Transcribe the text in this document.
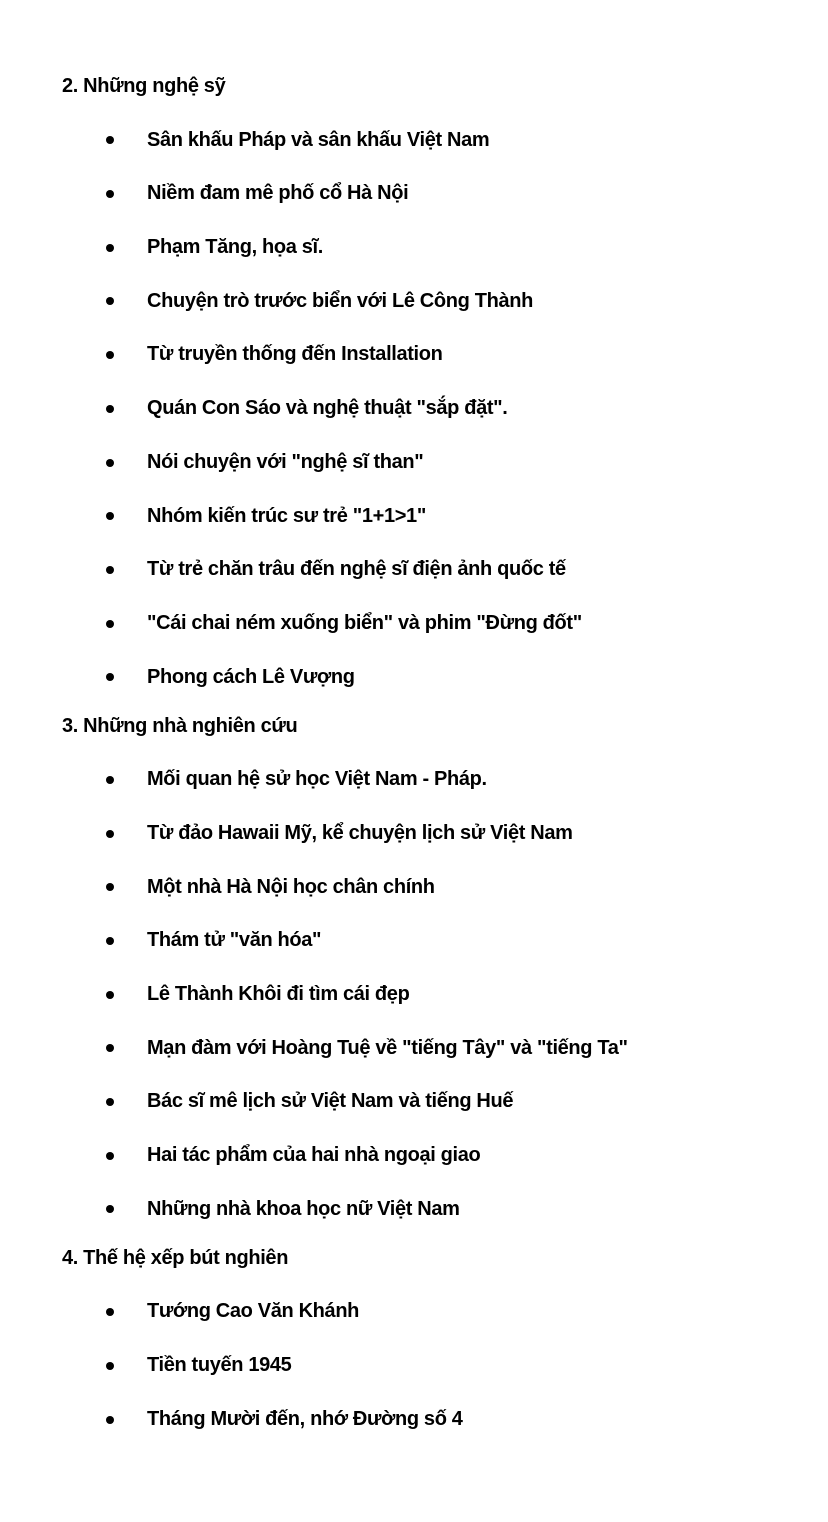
2. Những nghệ sỹ
Sân khấu Pháp và sân khấu Việt Nam
Niềm đam mê phố cổ Hà Nội
Phạm Tăng, họa sĩ.
Chuyện trò trước biển với Lê Công Thành
Từ truyền thống đến Installation
Quán Con Sáo và nghệ thuật "sắp đặt".
Nói chuyện với "nghệ sĩ than"
Nhóm kiến trúc sư trẻ "1+1>1"
Từ trẻ chăn trâu đến nghệ sĩ điện ảnh quốc tế
"Cái chai ném xuống biển" và phim "Đừng đốt"
Phong cách Lê Vượng
3. Những nhà nghiên cứu
Mối quan hệ sử học Việt Nam - Pháp.
Từ đảo Hawaii Mỹ, kể chuyện lịch sử Việt Nam
Một nhà Hà Nội học chân chính
Thám tử "văn hóa"
Lê Thành Khôi đi tìm cái đẹp
Mạn đàm với Hoàng Tuệ về "tiếng Tây" và "tiếng Ta"
Bác sĩ mê lịch sử Việt Nam và tiếng Huế
Hai tác phẩm của hai nhà ngoại giao
Những nhà khoa học nữ Việt Nam
4. Thế hệ xếp bút nghiên
Tướng Cao Văn Khánh
Tiền tuyến 1945
Tháng Mười đến, nhớ Đường số 4
